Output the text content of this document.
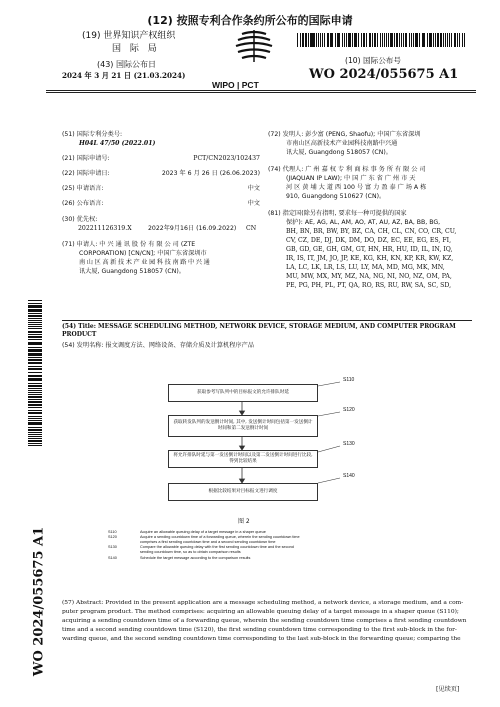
(12) 按照专利合作条约所公布的国际申请
(19) 世界知识产权组织
国 际 局
(43) 国际公布日
2024 年 3 月 21 日 (21.03.2024)
WIPO | PCT
(10) 国际公布号
WO 2024/055675 A1
(51) 国际专利分类号:
H04L 47/50 (2022.01)
(21) 国际申请号:	PCT/CN2023/102437
(22) 国际申请日:	2023 年 6 月 26 日 (26.06.2023)
(25) 申请语言:	中文
(26) 公布语言:	中文
(30) 优先权:
202211126319.X	2022年9月16日 (16.09.2022) CN
(71) 申请人: 中 兴 通 讯 股 份 有 限 公 司 (ZTE
CORPORATION) [CN/CN]; 中国广东省深圳市
南山区高新技术产业园科技南路中兴通
讯大厦, Guangdong 518057 (CN)。
(72) 发明人: 彭少富 (PENG, Shaofu); 中国广东省深圳
市南山区高新技术产业园科技南路中兴通
讯大厦, Guangdong 518057 (CN)。
(74) 代理人: 广 州 嘉 权 专 利 商 标 事 务 所 有 限 公 司
(JIAQUAN IP LAW); 中 国 广 东 省 广 州 市 天
河 区 黄 埔 大 道 西 100 号 富 力 盈 泰 广 场 A 栋
910, Guangdong 510627 (CN)。
(81) 指定国(除另有指明, 要求每一种可提供的国家
保护): AE, AG, AL, AM, AO, AT, AU, AZ, BA, BB, BG,
BH, BN, BR, BW, BY, BZ, CA, CH, CL, CN, CO, CR, CU,
CV, CZ, DE, DJ, DK, DM, DO, DZ, EC, EE, EG, ES, FI,
GB, GD, GE, GH, GM, GT, HN, HR, HU, ID, IL, IN, IQ,
IR, IS, IT, JM, JO, JP, KE, KG, KH, KN, KP, KR, KW, KZ,
LA, LC, LK, LR, LS, LU, LY, MA, MD, MG, MK, MN,
MU, MW, MX, MY, MZ, NA, NG, NI, NO, NZ, OM, PA,
PE, PG, PH, PL, PT, QA, RO, RS, RU, RW, SA, SC, SD,
WO 2024/055675 A1
(54) Title: MESSAGE SCHEDULING METHOD, NETWORK DEVICE, STORAGE MEDIUM, AND COMPUTER PROGRAM
PRODUCT
(54) 发明名称: 报文调度方法、网络设备、存储介质及计算机程序产品
获取参考写队列中的目标报文的允许排队时延
获取转发队列的发送倒计时间, 其中, 发送倒计时间包括第一发送倒计时间和第二发送倒计时间
将允许排队时延与第一发送倒计时间以及第二发送倒计时间进行比较, 得到比较结果
根据比较结果对目标报文进行调度
S110
S120
S130
S140
图 2
S110	Acquire an allowable queuing delay of a target message in a shaper queue
S120	Acquire a sending countdown time of a forwarding queue, wherein the sending countdown time
comprises a first sending countdown time and a second sending countdown time
S130	Compare the allowable queuing delay with the first sending countdown time and the second
sending countdown time, so as to obtain comparison results
S140	Schedule the target message according to the comparison results
(57) Abstract: Provided in the present application are a message scheduling method, a network device, a storage medium, and a com-
puter program product. The method comprises: acquiring an allowable queuing delay of a target message in a shaper queue (S110);
acquiring a sending countdown time of a forwarding queue, wherein the sending countdown time comprises a first sending countdown
time and a second sending countdown time (S120), the first sending countdown time corresponding to the first sub-block in the for-
warding queue, and the second sending countdown time corresponding to the last sub-block in the forwarding queue; comparing the
[见续页]
